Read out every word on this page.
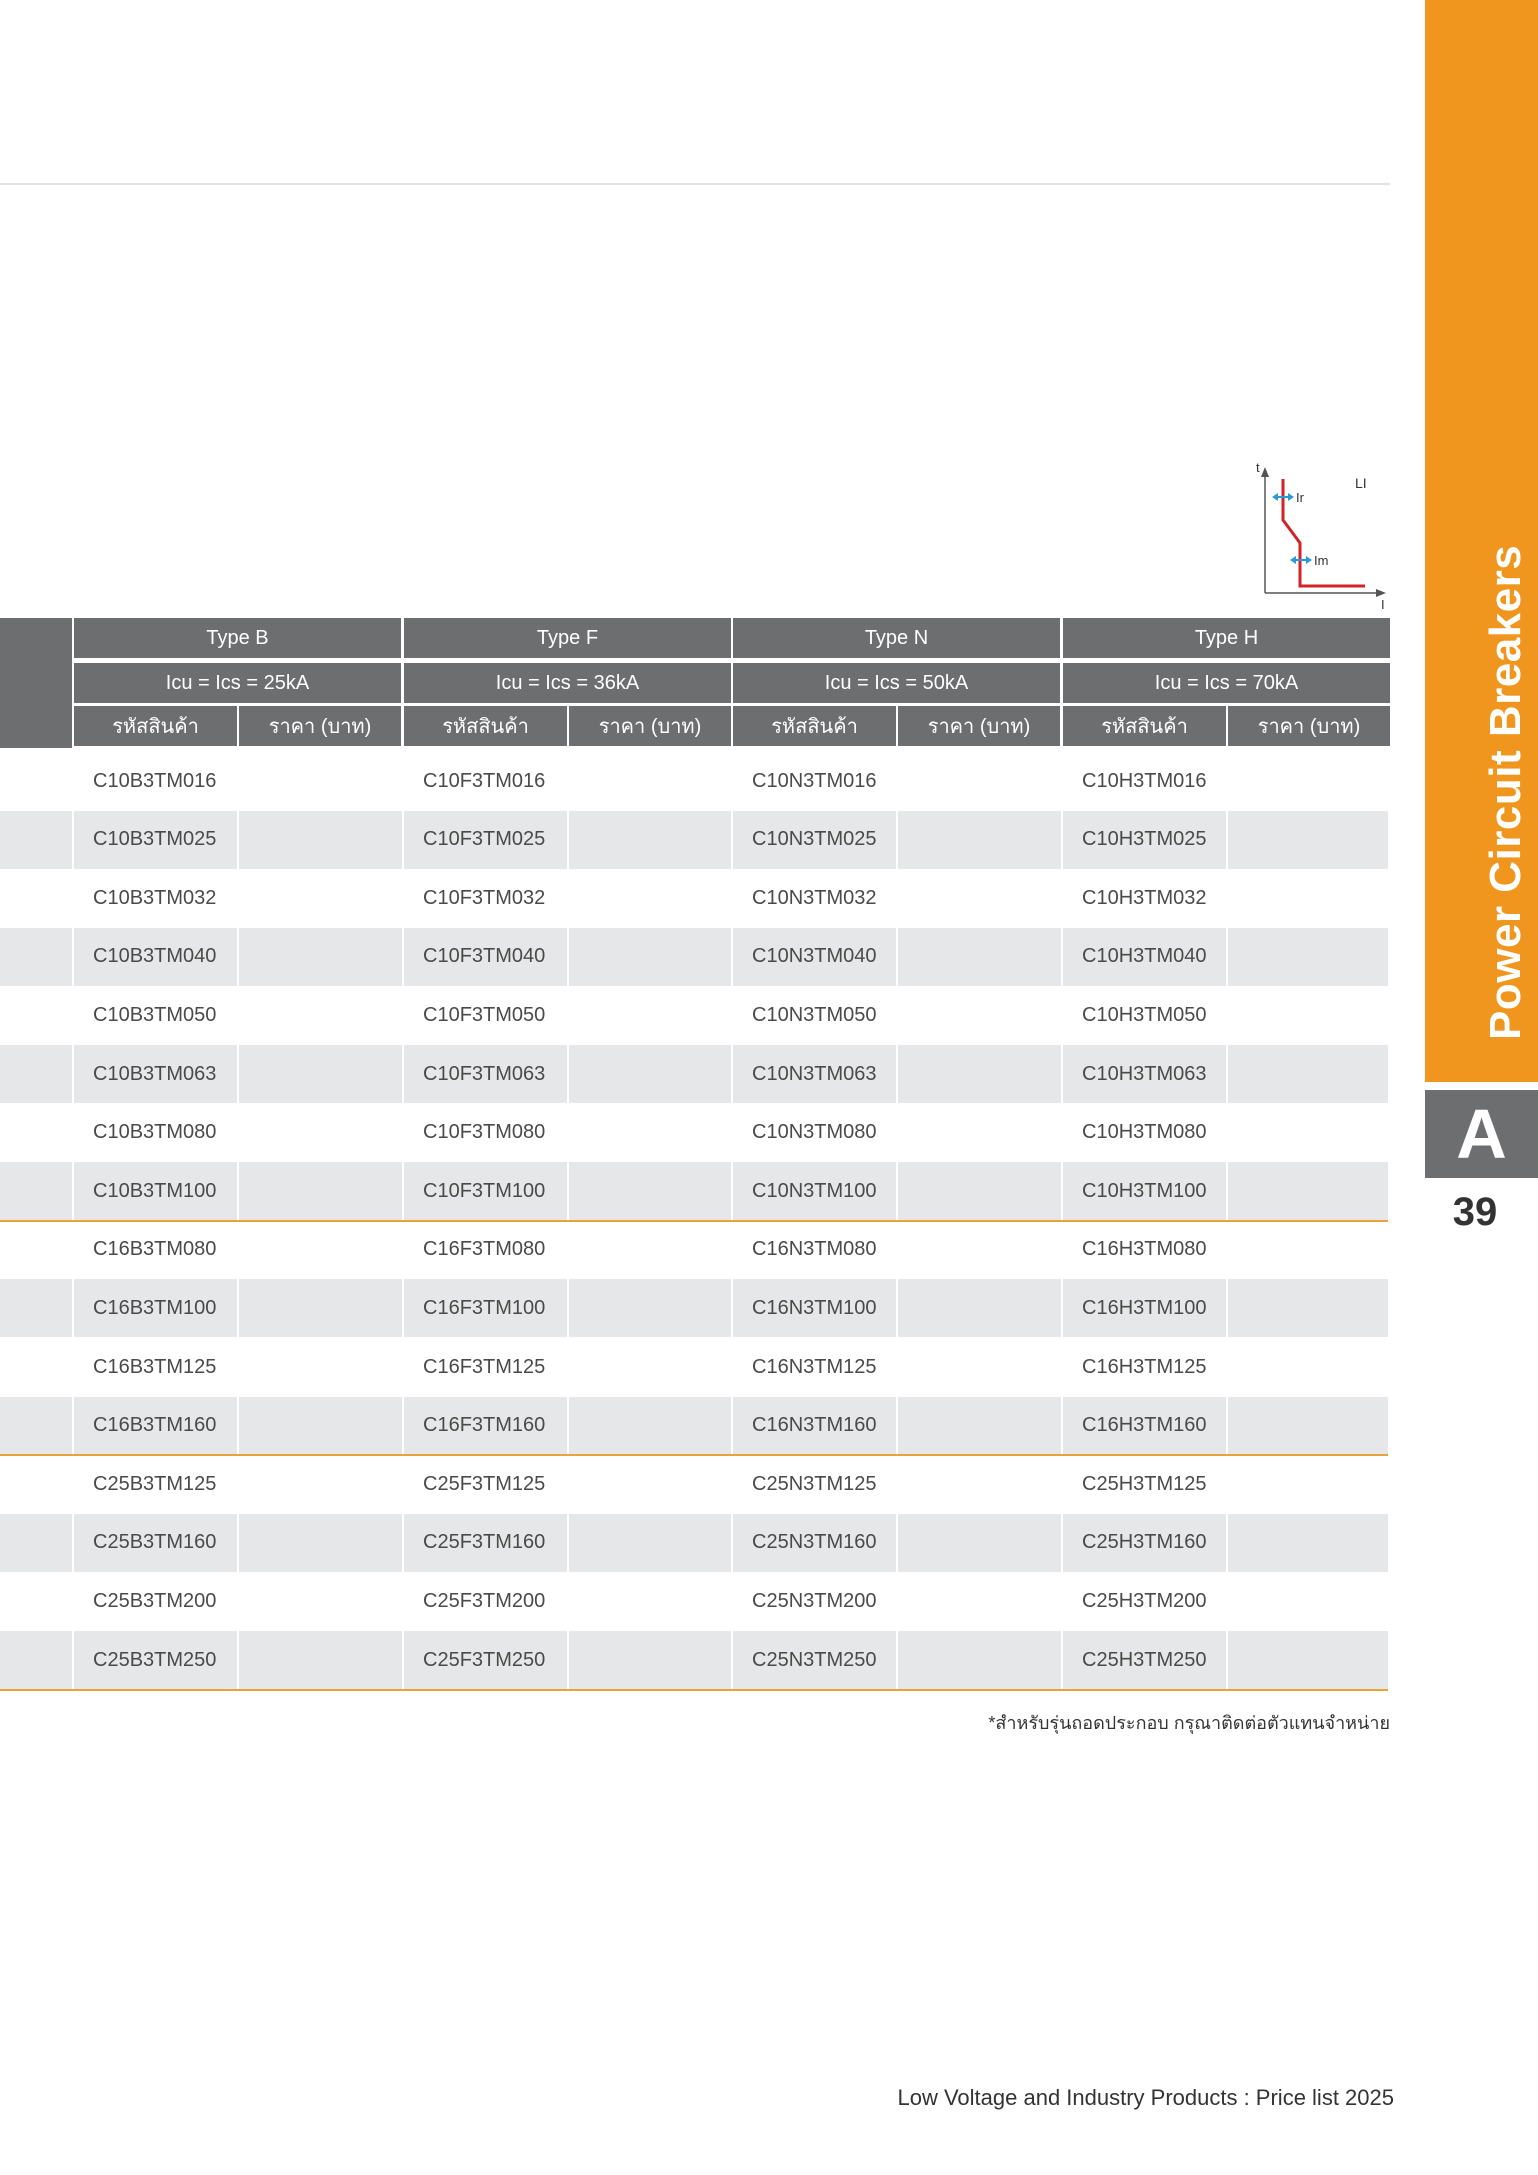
Power Circuit Breakers
A
39
t
I
LI
Ir
Im
Type B
Icu = Ics = 25kA
รหัสสินค้า	ราคา (บาท)
Type F
Icu = Ics = 36kA
รหัสสินค้า	ราคา (บาท)
Type N
Icu = Ics = 50kA
รหัสสินค้า	ราคา (บาท)
Type H
Icu = Ics = 70kA
รหัสสินค้า	ราคา (บาท)
C10B3TM016	C10F3TM016	C10N3TM016	C10H3TM016
C10B3TM025	C10F3TM025	C10N3TM025	C10H3TM025
C10B3TM032	C10F3TM032	C10N3TM032	C10H3TM032
C10B3TM040	C10F3TM040	C10N3TM040	C10H3TM040
C10B3TM050	C10F3TM050	C10N3TM050	C10H3TM050
C10B3TM063	C10F3TM063	C10N3TM063	C10H3TM063
C10B3TM080	C10F3TM080	C10N3TM080	C10H3TM080
C10B3TM100	C10F3TM100	C10N3TM100	C10H3TM100
C16B3TM080	C16F3TM080	C16N3TM080	C16H3TM080
C16B3TM100	C16F3TM100	C16N3TM100	C16H3TM100
C16B3TM125	C16F3TM125	C16N3TM125	C16H3TM125
C16B3TM160	C16F3TM160	C16N3TM160	C16H3TM160
C25B3TM125	C25F3TM125	C25N3TM125	C25H3TM125
C25B3TM160	C25F3TM160	C25N3TM160	C25H3TM160
C25B3TM200	C25F3TM200	C25N3TM200	C25H3TM200
C25B3TM250	C25F3TM250	C25N3TM250	C25H3TM250
*สำหรับรุ่นถอดประกอบ กรุณาติดต่อตัวแทนจำหน่าย
Low Voltage and Industry Products : Price list 2025
